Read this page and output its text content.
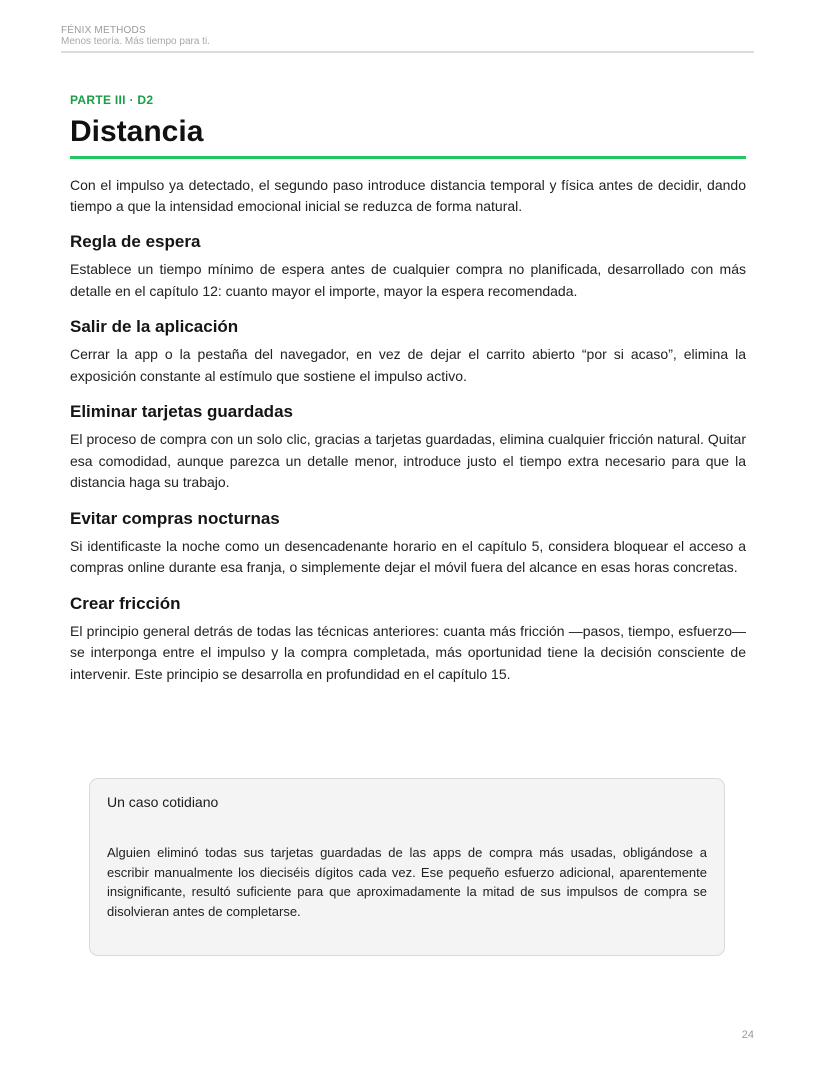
FÉNIX METHODS
Menos teoría. Más tiempo para ti.

PARTE III · D2

Distancia

Con el impulso ya detectado, el segundo paso introduce distancia temporal y física antes de decidir, dando tiempo a que la intensidad emocional inicial se reduzca de forma natural.

Regla de espera

Establece un tiempo mínimo de espera antes de cualquier compra no planificada, desarrollado con más detalle en el capítulo 12: cuanto mayor el importe, mayor la espera recomendada.

Salir de la aplicación

Cerrar la app o la pestaña del navegador, en vez de dejar el carrito abierto “por si acaso”, elimina la exposición constante al estímulo que sostiene el impulso activo.

Eliminar tarjetas guardadas

El proceso de compra con un solo clic, gracias a tarjetas guardadas, elimina cualquier fricción natural. Quitar esa comodidad, aunque parezca un detalle menor, introduce justo el tiempo extra necesario para que la distancia haga su trabajo.

Evitar compras nocturnas

Si identificaste la noche como un desencadenante horario en el capítulo 5, considera bloquear el acceso a compras online durante esa franja, o simplemente dejar el móvil fuera del alcance en esas horas concretas.

Crear fricción

El principio general detrás de todas las técnicas anteriores: cuanta más fricción —pasos, tiempo, esfuerzo— se interponga entre el impulso y la compra completada, más oportunidad tiene la decisión consciente de intervenir. Este principio se desarrolla en profundidad en el capítulo 15.

Un caso cotidiano

Alguien eliminó todas sus tarjetas guardadas de las apps de compra más usadas, obligándose a escribir manualmente los dieciséis dígitos cada vez. Ese pequeño esfuerzo adicional, aparentemente insignificante, resultó suficiente para que aproximadamente la mitad de sus impulsos de compra se disolvieran antes de completarse.

24
